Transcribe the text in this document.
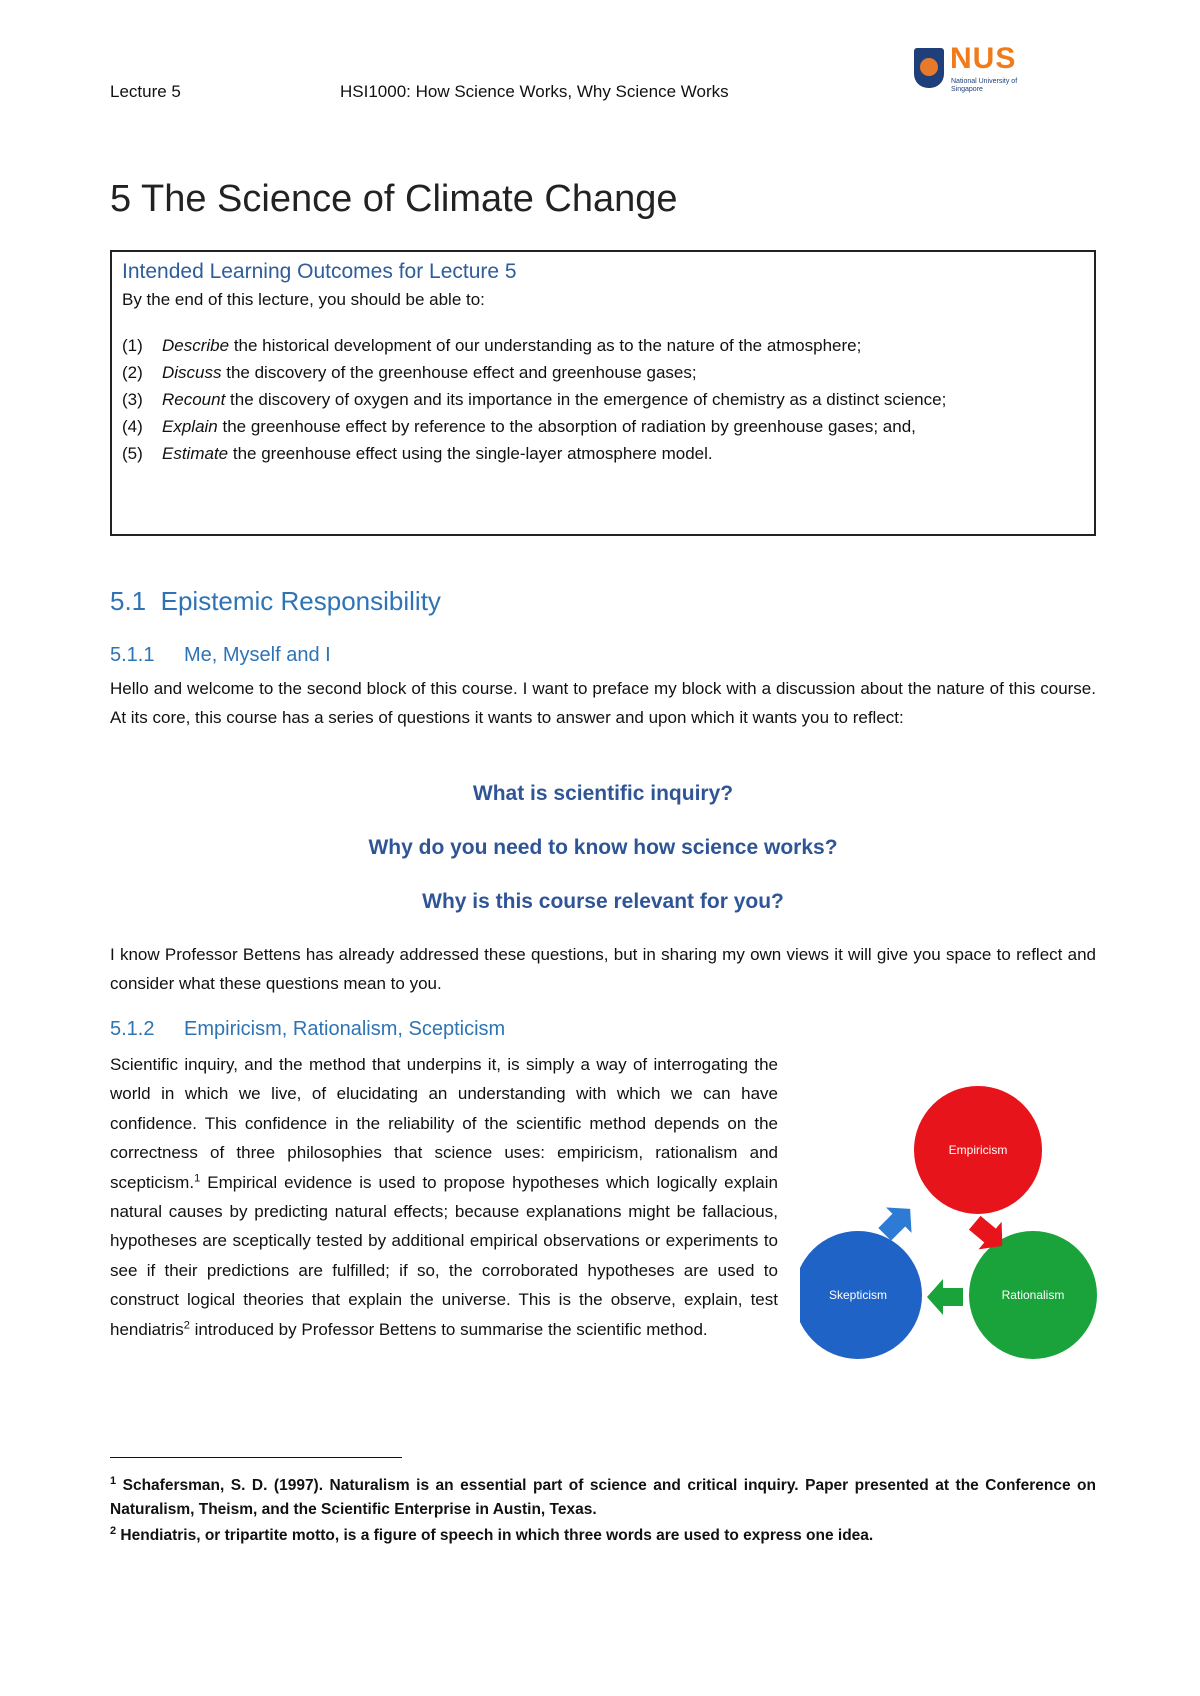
Lecture 5	HSI1000: How Science Works, Why Science Works
NUS
National University of Singapore
5 The Science of Climate Change
Intended Learning Outcomes for Lecture 5
By the end of this lecture, you should be able to:
(1) Describe the historical development of our understanding as to the nature of the atmosphere;
(2) Discuss the discovery of the greenhouse effect and greenhouse gases;
(3) Recount the discovery of oxygen and its importance in the emergence of chemistry as a distinct science;
(4) Explain the greenhouse effect by reference to the absorption of radiation by greenhouse gases; and,
(5) Estimate the greenhouse effect using the single-layer atmosphere model.
5.1 Epistemic Responsibility
5.1.1 Me, Myself and I

Hello and welcome to the second block of this course. I want to preface my block with a discussion about the nature of this course. At its core, this course has a series of questions it wants to answer and upon which it wants you to reflect:

What is scientific inquiry?

Why do you need to know how science works?

Why is this course relevant for you?

I know Professor Bettens has already addressed these questions, but in sharing my own views it will give you space to reflect and consider what these questions mean to you.

5.1.2 Empiricism, Rationalism, Scepticism

Scientific inquiry, and the method that underpins it, is simply a way of interrogating the world in which we live, of elucidating an understanding with which we can have confidence. This confidence in the reliability of the scientific method depends on the correctness of three philosophies that science uses: empiricism, rationalism and scepticism.$^1$ Empirical evidence is used to propose hypotheses which logically explain natural causes by predicting natural effects; because explanations might be fallacious, hypotheses are sceptically tested by additional empirical observations or experiments to see if their predictions are fulfilled; if so, the corroborated hypotheses are used to construct logical theories that explain the universe. This is the observe, explain, test hendiatris$^2$ introduced by Professor Bettens to summarise the scientific method.

Empiricism
Rationalism
Skepticism

$^1$ Schafersman, S. D. (1997). Naturalism is an essential part of science and critical inquiry. Paper presented at the Conference on Naturalism, Theism, and the Scientific Enterprise in Austin, Texas.

$^2$ Hendiatris, or tripartite motto, is a figure of speech in which three words are used to express one idea.
